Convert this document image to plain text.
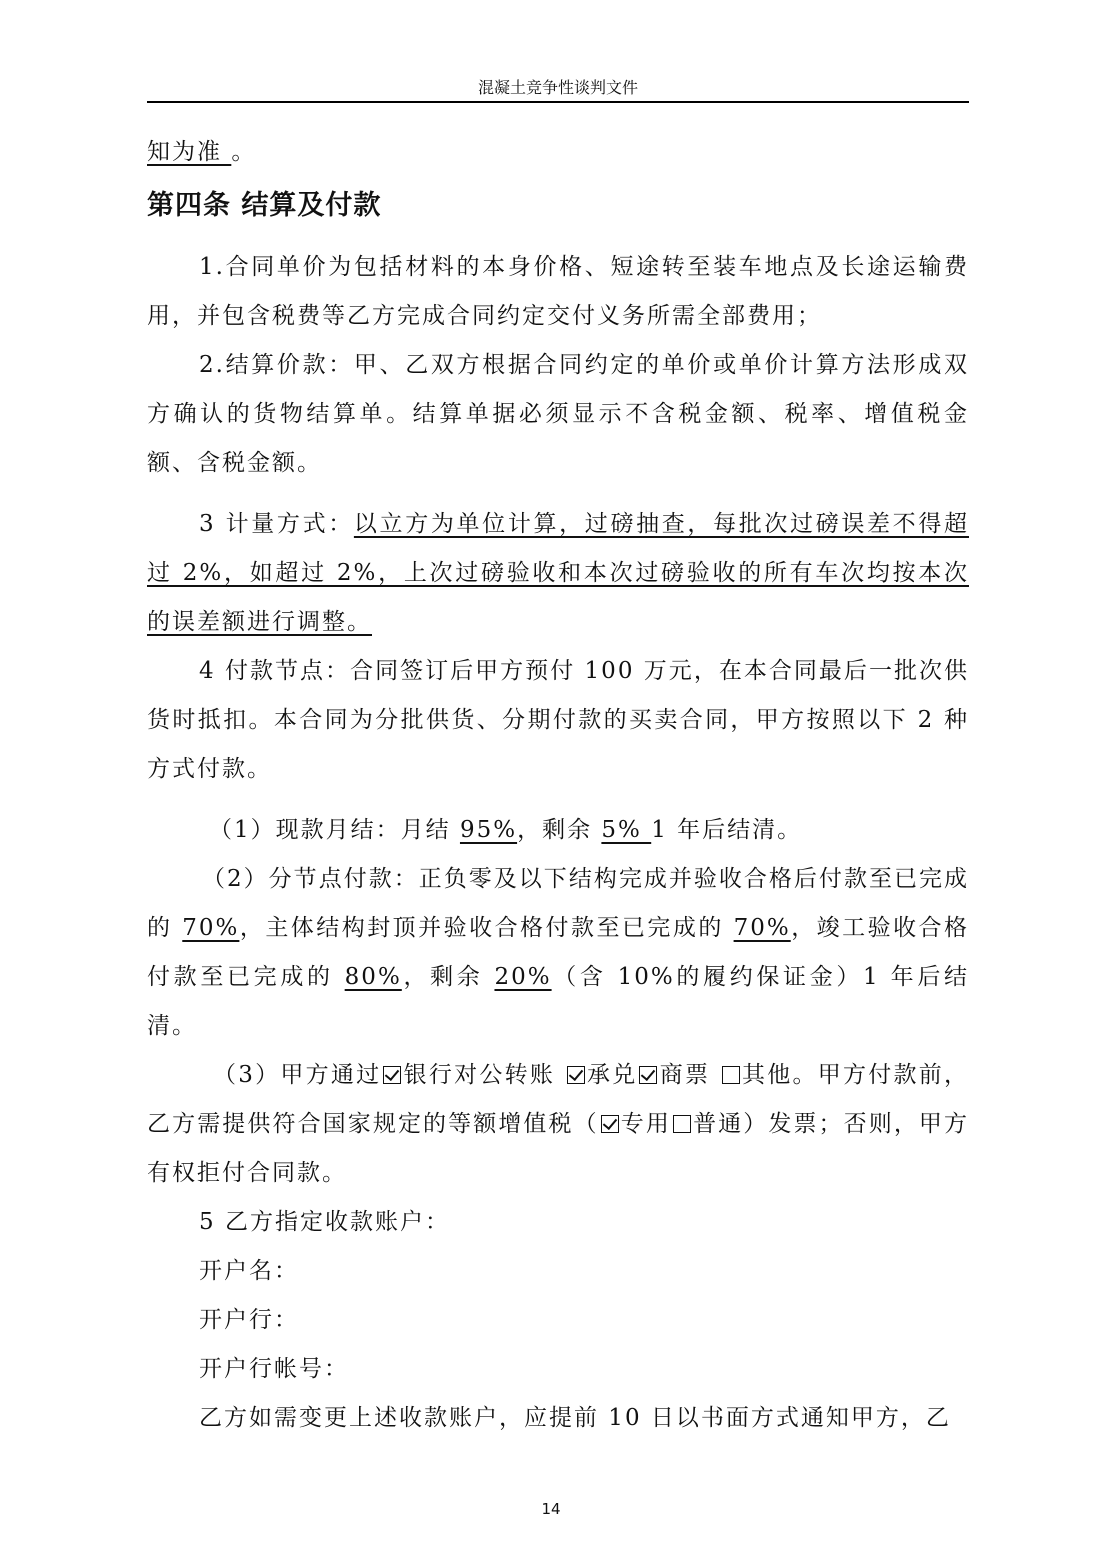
混凝土竞争性谈判文件

知为准 。

第四条 结算及付款

1.合同单价为包括材料的本身价格、短途转至装车地点及长途运输费用，并包含税费等乙方完成合同约定交付义务所需全部费用；

2.结算价款：甲、乙双方根据合同约定的单价或单价计算方法形成双方确认的货物结算单。结算单据必须显示不含税金额、税率、增值税金额、含税金额。

3 计量方式：以立方为单位计算，过磅抽查，每批次过磅误差不得超过 2%，如超过 2%，上次过磅验收和本次过磅验收的所有车次均按本次的误差额进行调整。

4 付款节点：合同签订后甲方预付 100 万元，在本合同最后一批次供货时抵扣。本合同为分批供货、分期付款的买卖合同，甲方按照以下 2 种方式付款。

（1）现款月结：月结 95%，剩余 5% 1 年后结清。

（2）分节点付款：正负零及以下结构完成并验收合格后付款至已完成的 70%，主体结构封顶并验收合格付款至已完成的 70%，竣工验收合格付款至已完成的 80%，剩余 20%（含 10%的履约保证金）1 年后结清。

（3）甲方通过 银行对公转账 承兑 商票 其他。甲方付款前，乙方需提供符合国家规定的等额增值税（ 专用 普通）发票；否则，甲方有权拒付合同款。

5 乙方指定收款账户：

开户名：

开户行：

开户行帐号：

乙方如需变更上述收款账户，应提前 10 日以书面方式通知甲方，乙

14
